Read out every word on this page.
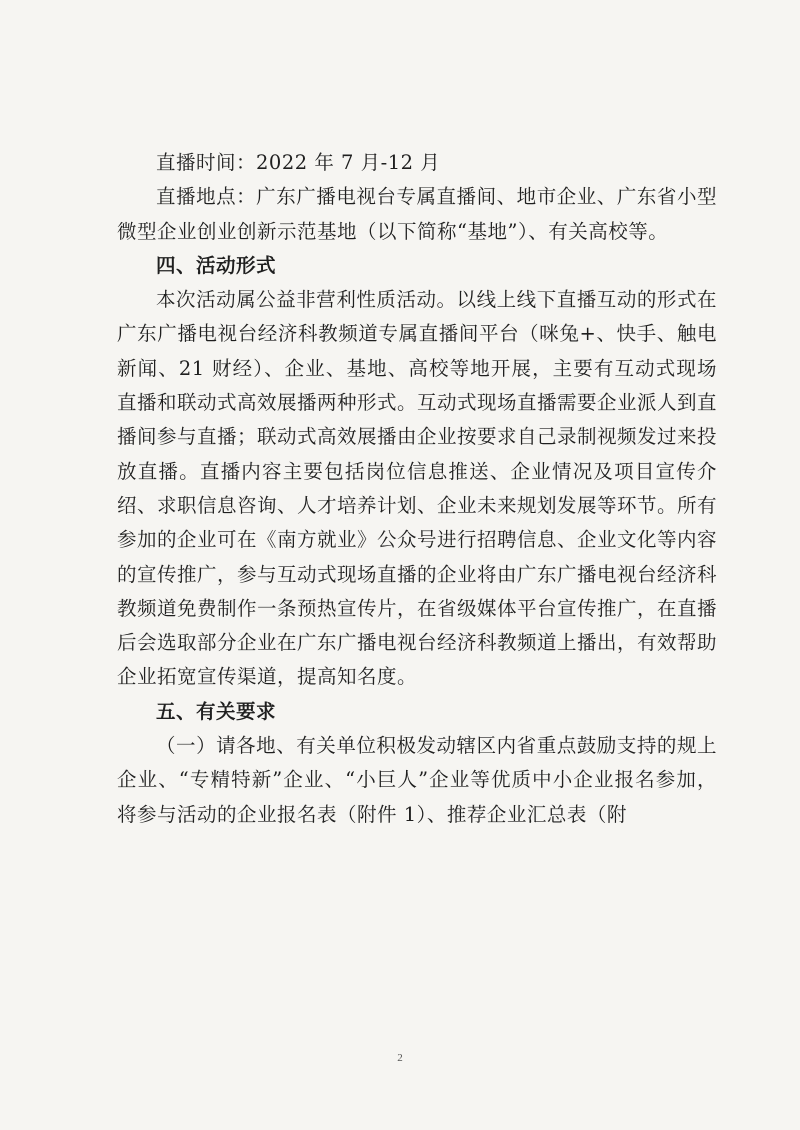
直播时间：2022 年 7 月-12 月

直播地点：广东广播电视台专属直播间、地市企业、广东省小型微型企业创业创新示范基地（以下简称“基地”）、有关高校等。

四、活动形式

本次活动属公益非营利性质活动。以线上线下直播互动的形式在广东广播电视台经济科教频道专属直播间平台（咪兔+、快手、触电新闻、21 财经）、企业、基地、高校等地开展，主要有互动式现场直播和联动式高效展播两种形式。互动式现场直播需要企业派人到直播间参与直播；联动式高效展播由企业按要求自己录制视频发过来投放直播。直播内容主要包括岗位信息推送、企业情况及项目宣传介绍、求职信息咨询、人才培养计划、企业未来规划发展等环节。所有参加的企业可在《南方就业》公众号进行招聘信息、企业文化等内容的宣传推广，参与互动式现场直播的企业将由广东广播电视台经济科教频道免费制作一条预热宣传片，在省级媒体平台宣传推广，在直播后会选取部分企业在广东广播电视台经济科教频道上播出，有效帮助企业拓宽宣传渠道，提高知名度。

五、有关要求

（一）请各地、有关单位积极发动辖区内省重点鼓励支持的规上企业、“专精特新”企业、“小巨人”企业等优质中小企业报名参加，将参与活动的企业报名表（附件 1）、推荐企业汇总表（附

2
